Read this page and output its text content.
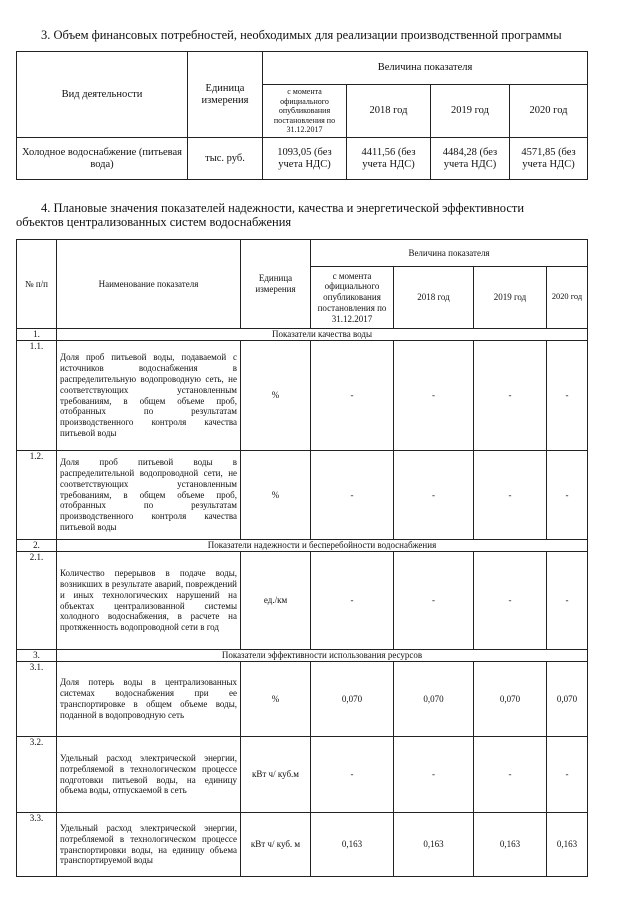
3. Объем финансовых потребностей, необходимых для реализации производственной программы
Вид деятельности	Единица измерения	Величина показателя			
		с момента официального опубликования постановления по 31.12.2017	2018 год	2019 год	2020 год
Холодное водоснабжение (питьевая вода)	тыс. руб.	1093,05 (без учета НДС)	4411,56 (без учета НДС)	4484,28 (без учета НДС)	4571,85 (без учета НДС)
4. Плановые значения показателей надежности, качества и энергетической эффективности
объектов централизованных систем водоснабжения
№ п/п	Наименование показателя	Единица измерения	Величина показателя			
			с момента официального опубликования постановления по 31.12.2017	2018 год	2019 год	2020 год
1.	Показатели качества воды					
1.1.	Доля проб питьевой воды, подаваемой с источников водоснабжения в распределительную водопроводную сеть, не соответствующих установленным требованиям, в общем объеме проб, отобранных по результатам производственного контроля качества питьевой воды	%	-	-	-	-
1.2.	Доля проб питьевой воды в распределительной водопроводной сети, не соответствующих установленным требованиям, в общем объеме проб, отобранных по результатам производственного контроля качества питьевой воды	%	-	-	-	-
2.	Показатели надежности и бесперебойности водоснабжения					
2.1.	Количество перерывов в подаче воды, возникших в результате аварий, повреждений и иных технологических нарушений на объектах централизованной системы холодного водоснабжения, в расчете на протяженность водопроводной сети в год	ед./км	-	-	-	-
3.	Показатели эффективности использования ресурсов					
3.1.	Доля потерь воды в централизованных системах водоснабжения при ее транспортировке в общем объеме воды, поданной в водопроводную сеть	%	0,070	0,070	0,070	0,070
3.2.	Удельный расход электрической энергии, потребляемой в технологическом процессе подготовки питьевой воды, на единицу объема воды, отпускаемой в сеть	кВт ч/ куб.м	-	-	-	-
3.3.	Удельный расход электрической энергии, потребляемой в технологическом процессе транспортировки воды, на единицу объема транспортируемой воды	кВт ч/ куб. м	0,163	0,163	0,163	0,163
